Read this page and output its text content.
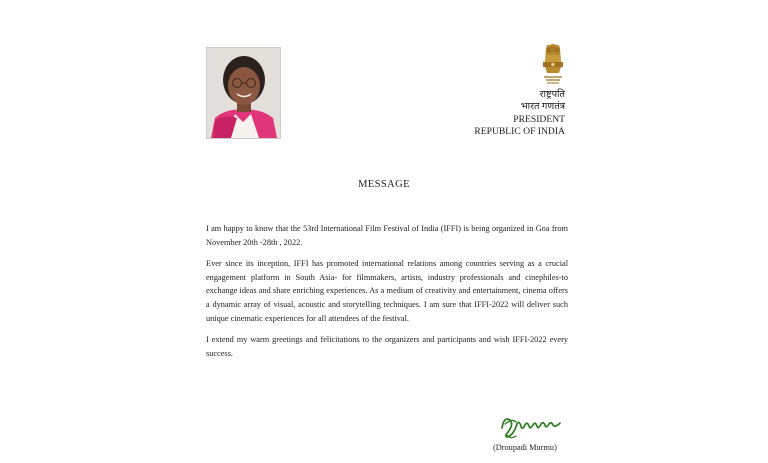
राष्ट्रपति
भारत गणतंत्र
PRESIDENT
REPUBLIC OF INDIA
MESSAGE

I am happy to know that the 53rd International Film Festival of India (IFFI) is being organized in Goa from November 20th -28th , 2022.

Ever since its inception, IFFI has promoted international relations among countries serving as a crucial engagement platform in South Asia- for filmmakers, artists, industry professionals and cinephiles-to exchange ideas and share enriching experiences. As a medium of creativity and entertainment, cinema offers a dynamic array of visual, acoustic and storytelling techniques. I am sure that IFFI-2022 will deliver such unique cinematic experiences for all attendees of the festival.

I extend my warm greetings and felicitations to the organizers and participants and wish IFFI-2022 every success.

(Droupadi Murmu)
